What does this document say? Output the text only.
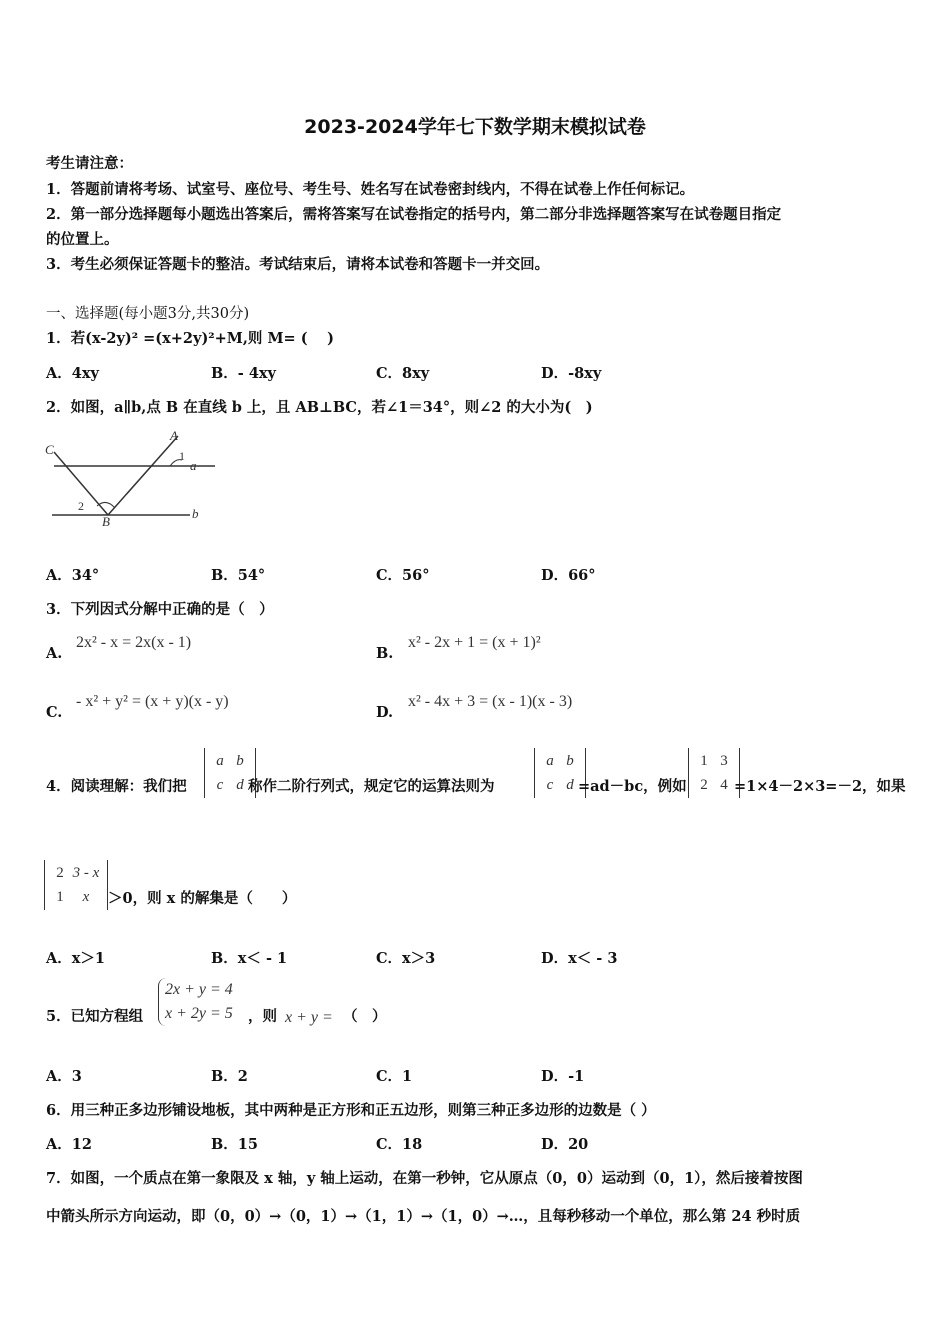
2023-2024学年七下数学期末模拟试卷
考生请注意：
1．答题前请将考场、试室号、座位号、考生号、姓名写在试卷密封线内，不得在试卷上作任何标记。
2．第一部分选择题每小题选出答案后，需将答案写在试卷指定的括号内，第二部分非选择题答案写在试卷题目指定
的位置上。
3．考生必须保证答题卡的整洁。考试结束后，请将本试卷和答题卡一并交回。
一、选择题(每小题3分,共30分)
1．若(x-2y)² =(x+2y)²+M,则 M= (　 )
A．4xy	B．- 4xy	C．8xy	D．-8xy
2．如图，a∥b,点 B 在直线 b 上，且 AB⊥BC，若∠1＝34°，则∠2 的大小为(　)
C
A
1
a
2
B
b
A．34°	B．54°	C．56°	D．66°
3．下列因式分解中正确的是（　）
A.
2x² - x = 2x(x - 1)
B.
x² - 2x + 1 = (x + 1)²
C.
- x² + y² = (x + y)(x - y)
D.
x² - 4x + 3 = (x - 1)(x - 3)
4．阅读理解：我们把
a b
c d 称作二阶行列式，规定它的运算法则为
a b
c d =ad－bc，例如
1 3
2 4 =1×4－2×3=－2，如果
2 3 - x
1 x	＞0，则 x 的解集是（　　）
A．x＞1	B．x＜ - 1	C．x＞3	D．x＜ - 3
5．已知方程组
2x + y = 4
x + 2y = 5 ，则 x + y = （　）
A．3	B．2	C．1	D．-1
6．用三种正多边形铺设地板，其中两种是正方形和正五边形，则第三种正多边形的边数是（ ）
A．12	B．15	C．18	D．20
7．如图，一个质点在第一象限及 x 轴，y 轴上运动，在第一秒钟，它从原点（0，0）运动到（0，1），然后接着按图
中箭头所示方向运动，即（0，0）→（0，1）→（1，1）→（1，0）→…，且每秒移动一个单位，那么第 24 秒时质
